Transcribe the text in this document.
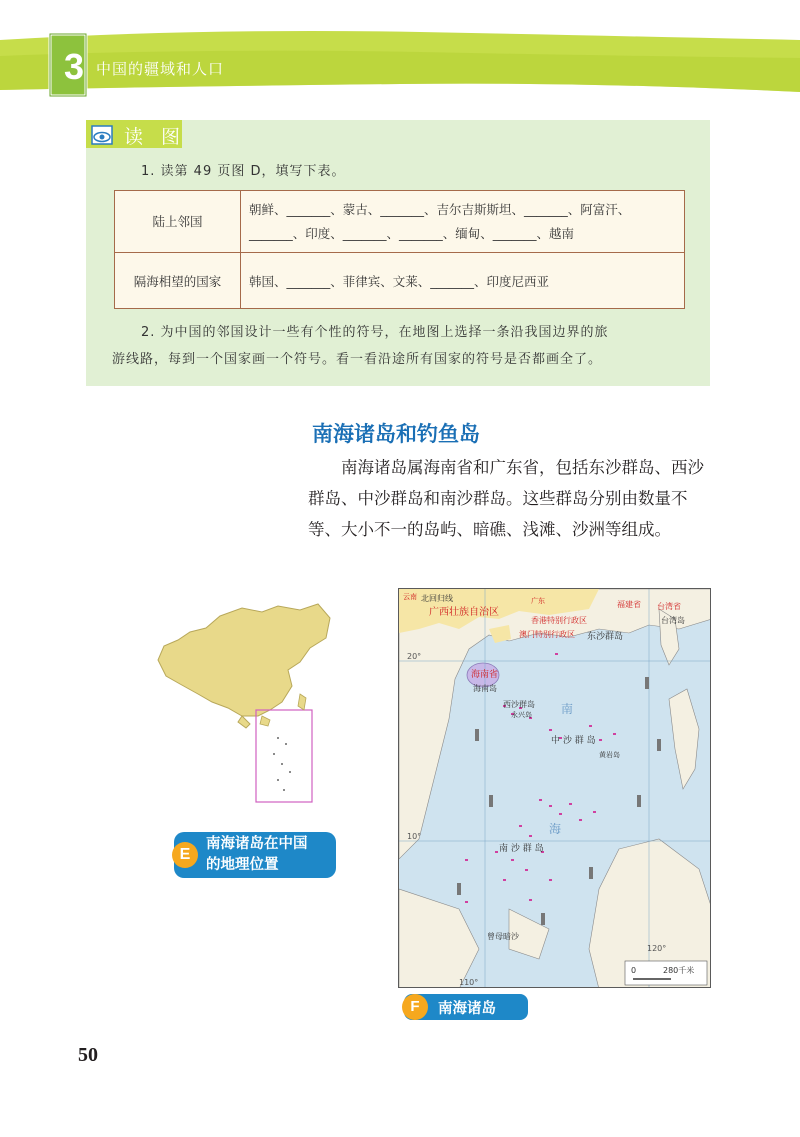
3 中国的疆域和人口
读 图
1. 读第 49 页图 D，填写下表。
陆上邻国	朝鲜、_______、蒙古、_______、吉尔吉斯斯坦、_______、阿富汗、
_______、印度、_______、_______、缅甸、_______、越南

隔海相望的国家	韩国、_______、菲律宾、文莱、_______、印度尼西亚
2. 为中国的邻国设计一些有个性的符号，在地图上选择一条沿我国边界的旅
游线路，每到一个国家画一个符号。看一看沿途所有国家的符号是否都画全了。
南海诸岛和钓鱼岛
南海诸岛属海南省和广东省，包括东沙群岛、西沙群岛、中沙群岛和南沙群岛。这些群岛分别由数量不等、大小不一的岛屿、暗礁、浅滩、沙洲等组成。
E
南海诸岛在中国
的地理位置
云南 北回归线
广西壮族自治区
广东	福建省 台湾省
香港特别行政区
澳门特别行政区 东沙群岛
台湾岛
海南省
海南岛
西沙群岛
永兴岛 南
中 沙 群 岛
黄岩岛
海
南 沙 群 岛
曾母暗沙
20°
10°
110°
120°
0	280千米
F	南海诸岛
50
